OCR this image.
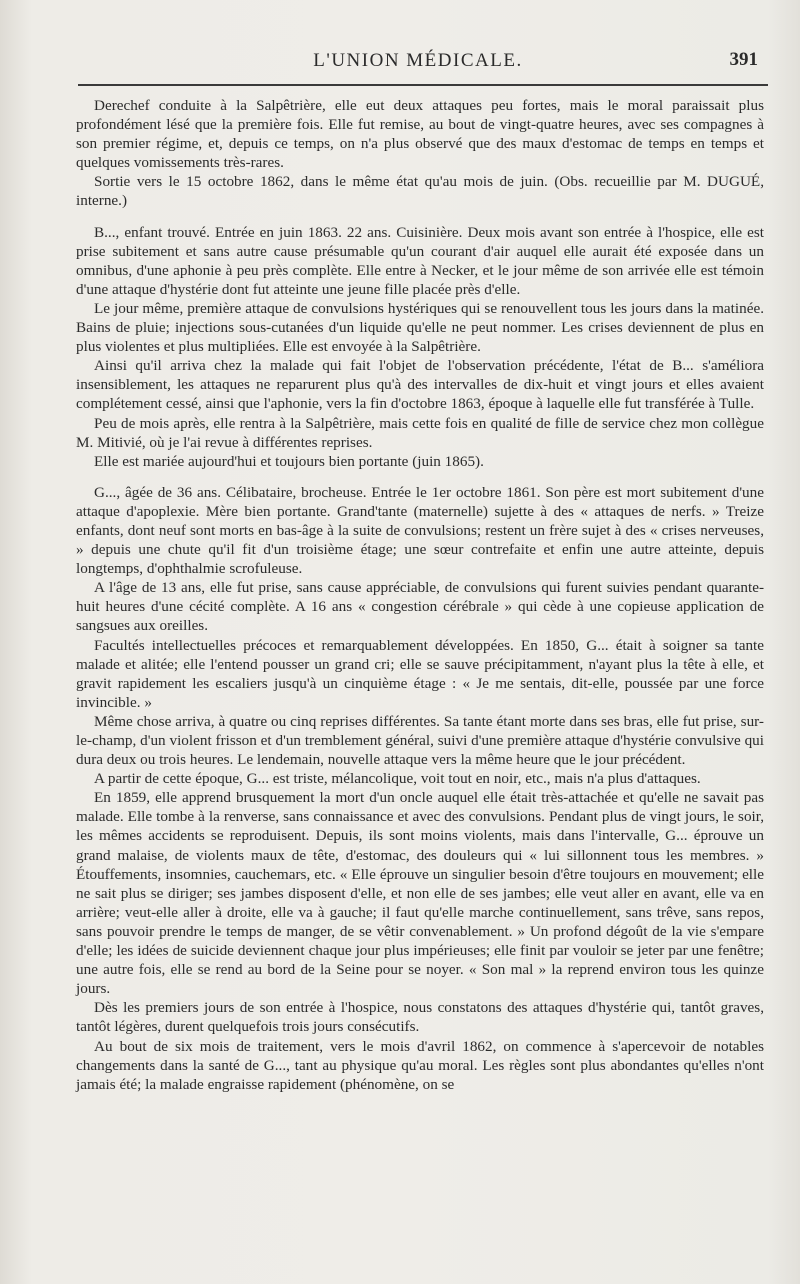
L'UNION MÉDICALE.	391

Derechef conduite à la Salpêtrière, elle eut deux attaques peu fortes, mais le moral paraissait plus profondément lésé que la première fois. Elle fut remise, au bout de vingt-quatre heures, avec ses compagnes à son premier régime, et, depuis ce temps, on n'a plus observé que des maux d'estomac de temps en temps et quelques vomissements très-rares.

Sortie vers le 15 octobre 1862, dans le même état qu'au mois de juin. (Obs. recueillie par M. DUGUÉ, interne.)

B..., enfant trouvé. Entrée en juin 1863. 22 ans. Cuisinière. Deux mois avant son entrée à l'hospice, elle est prise subitement et sans autre cause présumable qu'un courant d'air auquel elle aurait été exposée dans un omnibus, d'une aphonie à peu près complète. Elle entre à Necker, et le jour même de son arrivée elle est témoin d'une attaque d'hystérie dont fut atteinte une jeune fille placée près d'elle.

Le jour même, première attaque de convulsions hystériques qui se renouvellent tous les jours dans la matinée. Bains de pluie; injections sous-cutanées d'un liquide qu'elle ne peut nommer. Les crises deviennent de plus en plus violentes et plus multipliées. Elle est envoyée à la Salpêtrière.

Ainsi qu'il arriva chez la malade qui fait l'objet de l'observation précédente, l'état de B... s'améliora insensiblement, les attaques ne reparurent plus qu'à des intervalles de dix-huit et vingt jours et elles avaient complétement cessé, ainsi que l'aphonie, vers la fin d'octobre 1863, époque à laquelle elle fut transférée à Tulle.

Peu de mois après, elle rentra à la Salpêtrière, mais cette fois en qualité de fille de service chez mon collègue M. Mitivié, où je l'ai revue à différentes reprises.

Elle est mariée aujourd'hui et toujours bien portante (juin 1865).

G..., âgée de 36 ans. Célibataire, brocheuse. Entrée le 1er octobre 1861. Son père est mort subitement d'une attaque d'apoplexie. Mère bien portante. Grand'tante (maternelle) sujette à des « attaques de nerfs. » Treize enfants, dont neuf sont morts en bas-âge à la suite de convulsions; restent un frère sujet à des « crises nerveuses, » depuis une chute qu'il fit d'un troisième étage; une sœur contrefaite et enfin une autre atteinte, depuis longtemps, d'ophthalmie scrofuleuse.

A l'âge de 13 ans, elle fut prise, sans cause appréciable, de convulsions qui furent suivies pendant quarante-huit heures d'une cécité complète. A 16 ans « congestion cérébrale » qui cède à une copieuse application de sangsues aux oreilles.

Facultés intellectuelles précoces et remarquablement développées. En 1850, G... était à soigner sa tante malade et alitée; elle l'entend pousser un grand cri; elle se sauve précipitamment, n'ayant plus la tête à elle, et gravit rapidement les escaliers jusqu'à un cinquième étage : « Je me sentais, dit-elle, poussée par une force invincible. »

Même chose arriva, à quatre ou cinq reprises différentes. Sa tante étant morte dans ses bras, elle fut prise, sur-le-champ, d'un violent frisson et d'un tremblement général, suivi d'une première attaque d'hystérie convulsive qui dura deux ou trois heures. Le lendemain, nouvelle attaque vers la même heure que le jour précédent.

A partir de cette époque, G... est triste, mélancolique, voit tout en noir, etc., mais n'a plus d'attaques.

En 1859, elle apprend brusquement la mort d'un oncle auquel elle était très-attachée et qu'elle ne savait pas malade. Elle tombe à la renverse, sans connaissance et avec des convulsions. Pendant plus de vingt jours, le soir, les mêmes accidents se reproduisent. Depuis, ils sont moins violents, mais dans l'intervalle, G... éprouve un grand malaise, de violents maux de tête, d'estomac, des douleurs qui « lui sillonnent tous les membres. » Étouffements, insomnies, cauchemars, etc. « Elle éprouve un singulier besoin d'être toujours en mouvement; elle ne sait plus se diriger; ses jambes disposent d'elle, et non elle de ses jambes; elle veut aller en avant, elle va en arrière; veut-elle aller à droite, elle va à gauche; il faut qu'elle marche continuellement, sans trêve, sans repos, sans pouvoir prendre le temps de manger, de se vêtir convenablement. » Un profond dégoût de la vie s'empare d'elle; les idées de suicide deviennent chaque jour plus impérieuses; elle finit par vouloir se jeter par une fenêtre; une autre fois, elle se rend au bord de la Seine pour se noyer. « Son mal » la reprend environ tous les quinze jours.

Dès les premiers jours de son entrée à l'hospice, nous constatons des attaques d'hystérie qui, tantôt graves, tantôt légères, durent quelquefois trois jours consécutifs.

Au bout de six mois de traitement, vers le mois d'avril 1862, on commence à s'apercevoir de notables changements dans la santé de G..., tant au physique qu'au moral. Les règles sont plus abondantes qu'elles n'ont jamais été; la malade engraisse rapidement (phénomène, on se
